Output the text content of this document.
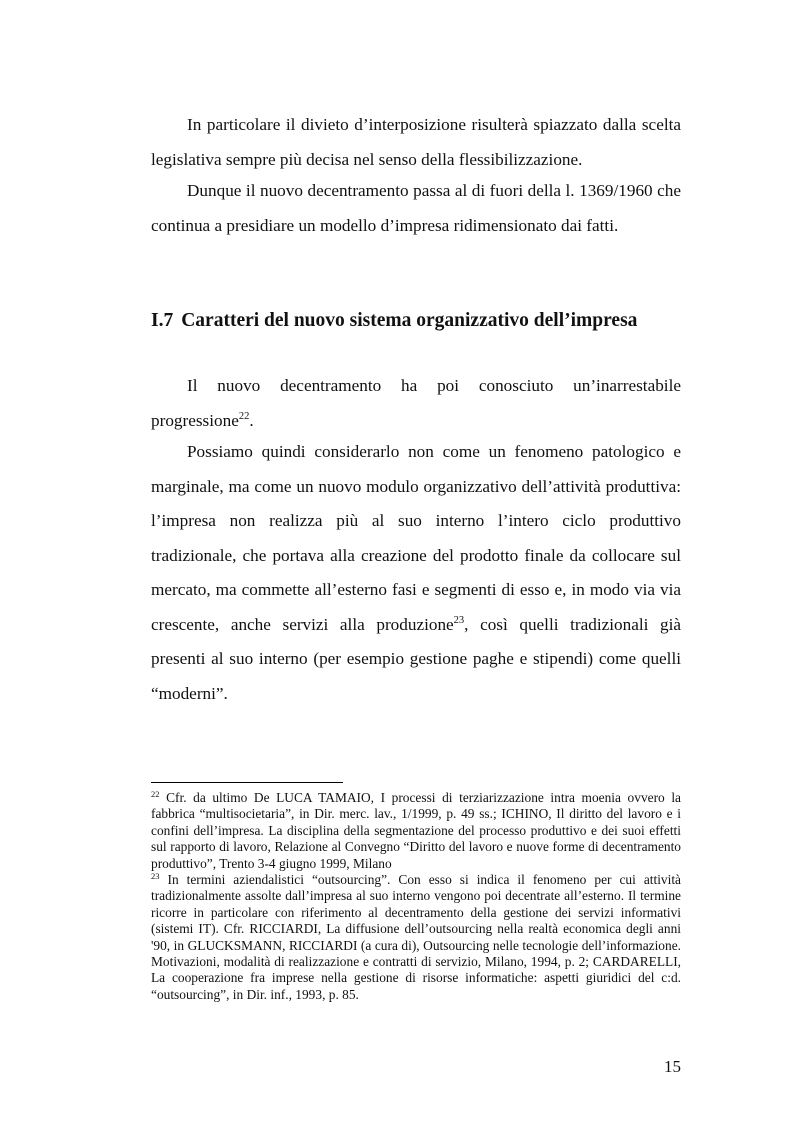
In particolare il divieto d’interposizione risulterà spiazzato dalla scelta legislativa sempre più decisa nel senso della flessibilizzazione.

Dunque il nuovo decentramento passa al di fuori della l. 1369/1960 che continua a presidiare un modello d’impresa ridimensionato dai fatti.

I.7 Caratteri del nuovo sistema organizzativo dell’impresa

Il nuovo decentramento ha poi conosciuto un’inarrestabile progressione$^{22}$.

Possiamo quindi considerarlo non come un fenomeno patologico e marginale, ma come un nuovo modulo organizzativo dell’attività produttiva: l’impresa non realizza più al suo interno l’intero ciclo produttivo tradizionale, che portava alla creazione del prodotto finale da collocare sul mercato, ma commette all’esterno fasi e segmenti di esso e, in modo via via crescente, anche servizi alla produzione$^{23}$, così quelli tradizionali già presenti al suo interno (per esempio gestione paghe e stipendi) come quelli “moderni”.

$^{22}$ Cfr. da ultimo De LUCA TAMAIO, I processi di terziarizzazione intra moenia ovvero la fabbrica “multisocietaria”, in Dir. merc. lav., 1/1999, p. 49 ss.; ICHINO, Il diritto del lavoro e i confini dell’impresa. La disciplina della segmentazione del processo produttivo e dei suoi effetti sul rapporto di lavoro, Relazione al Convegno “Diritto del lavoro e nuove forme di decentramento produttivo”, Trento 3-4 giugno 1999, Milano

$^{23}$ In termini aziendalistici “outsourcing”. Con esso si indica il fenomeno per cui attività tradizionalmente assolte dall’impresa al suo interno vengono poi decentrate all’esterno. Il termine ricorre in particolare con riferimento al decentramento della gestione dei servizi informativi (sistemi IT). Cfr. RICCIARDI, La diffusione dell’outsourcing nella realtà economica degli anni '90, in GLUCKSMANN, RICCIARDI (a cura di), Outsourcing nelle tecnologie dell’informazione. Motivazioni, modalità di realizzazione e contratti di servizio, Milano, 1994, p. 2; CARDARELLI, La cooperazione fra imprese nella gestione di risorse informatiche: aspetti giuridici del c:d. “outsourcing”, in Dir. inf., 1993, p. 85.

15
